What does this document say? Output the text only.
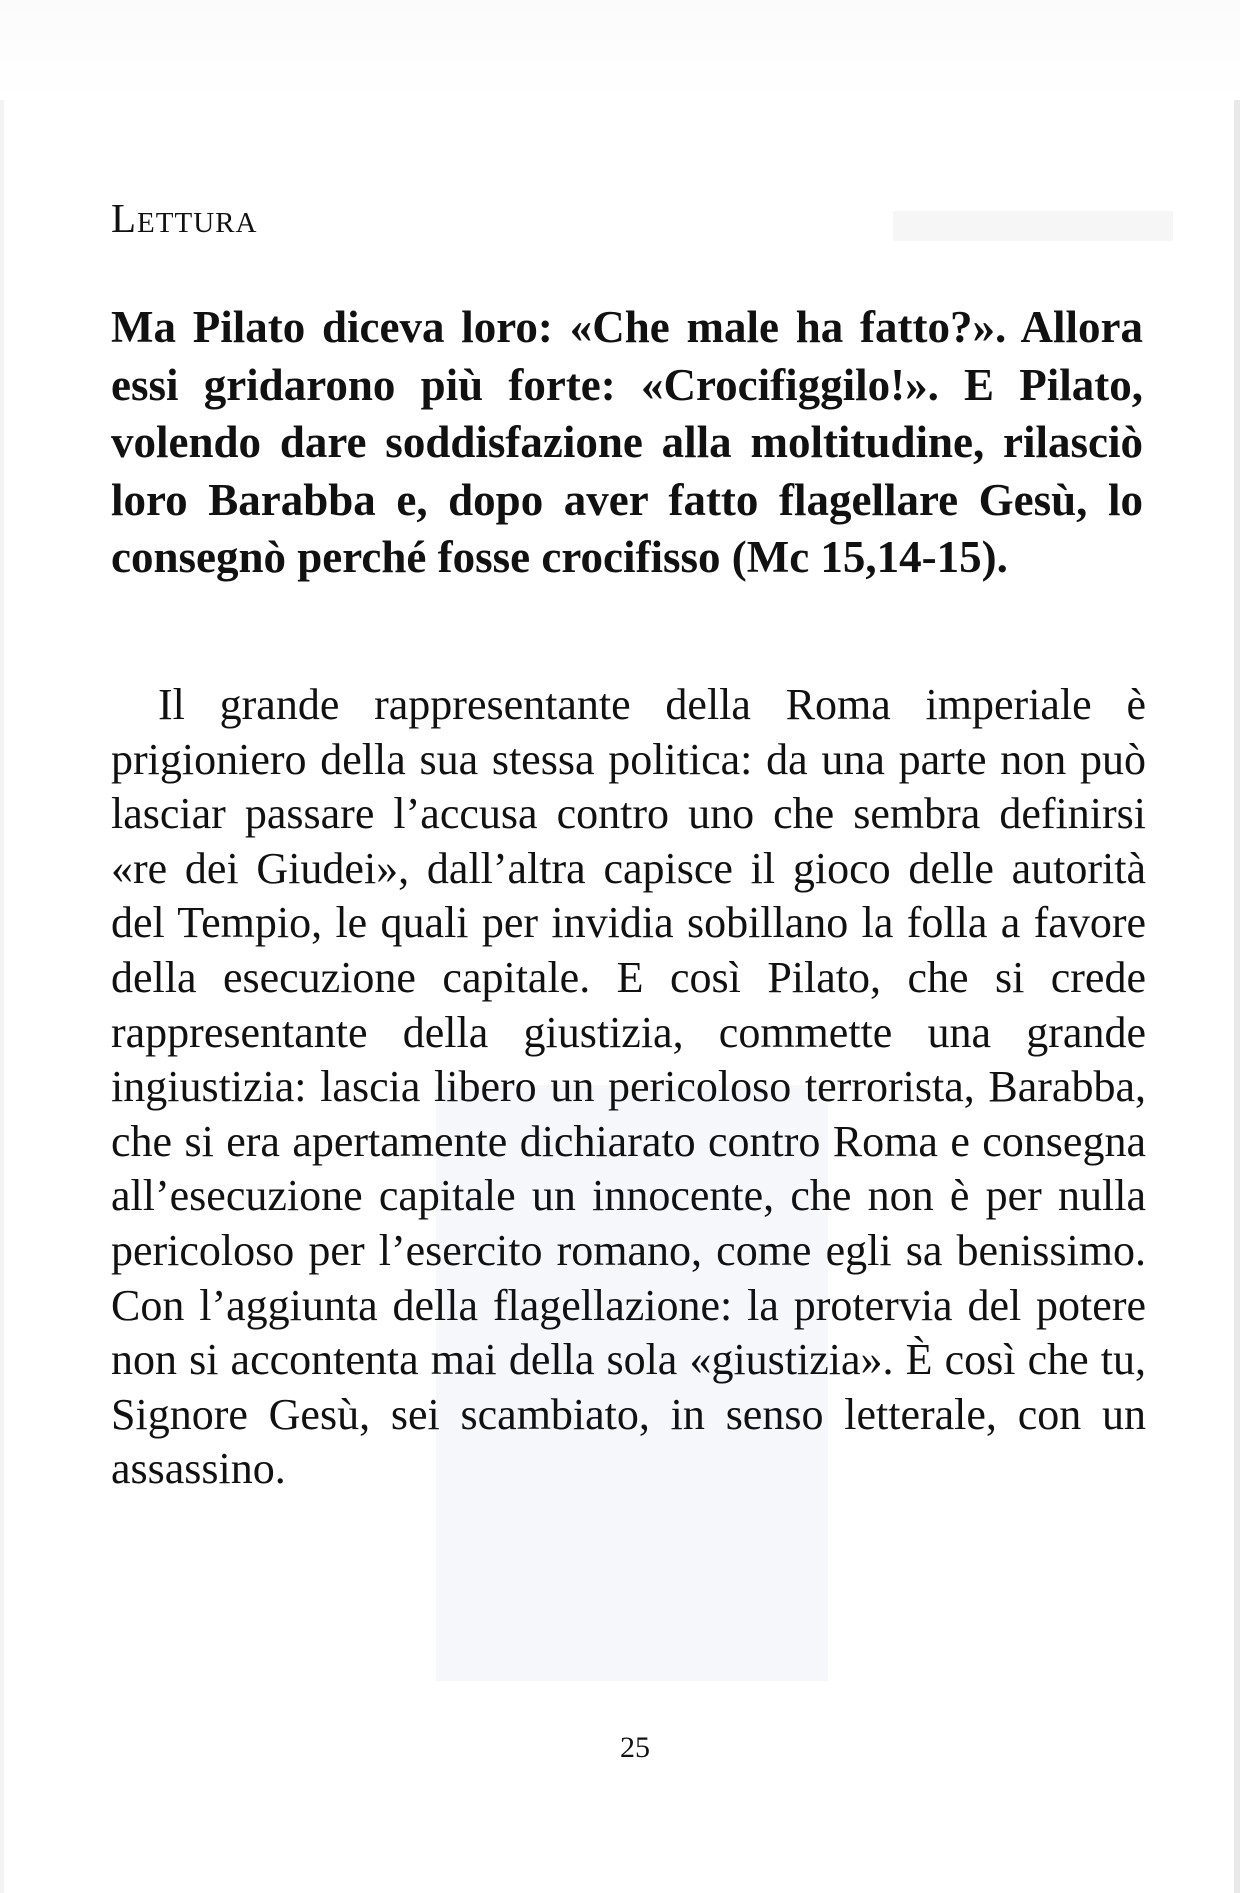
Lettura

Ma Pilato diceva loro: «Che male ha fatto?». Allora essi gridarono più forte: «Crocifiggilo!». E Pilato, volendo dare soddisfazione alla moltitudine, rilasciò loro Barabba e, dopo aver fatto flagellare Gesù, lo consegnò perché fosse crocifisso (Mc 15,14-15).

Il grande rappresentante della Roma imperiale è prigioniero della sua stessa politica: da una parte non può lasciar passare l’accusa contro uno che sembra definirsi «re dei Giudei», dall’altra capisce il gioco delle autorità del Tempio, le quali per invidia sobillano la folla a favore della esecuzione capitale. E così Pilato, che si crede rappresentante della giustizia, commette una grande ingiustizia: lascia libero un pericoloso terrorista, Barabba, che si era apertamente dichiarato contro Roma e consegna all’esecuzione capitale un innocente, che non è per nulla pericoloso per l’esercito romano, come egli sa benissimo. Con l’aggiunta della flagellazione: la protervia del potere non si accontenta mai della sola «giustizia». È così che tu, Signore Gesù, sei scambiato, in senso letterale, con un assassino.

25
